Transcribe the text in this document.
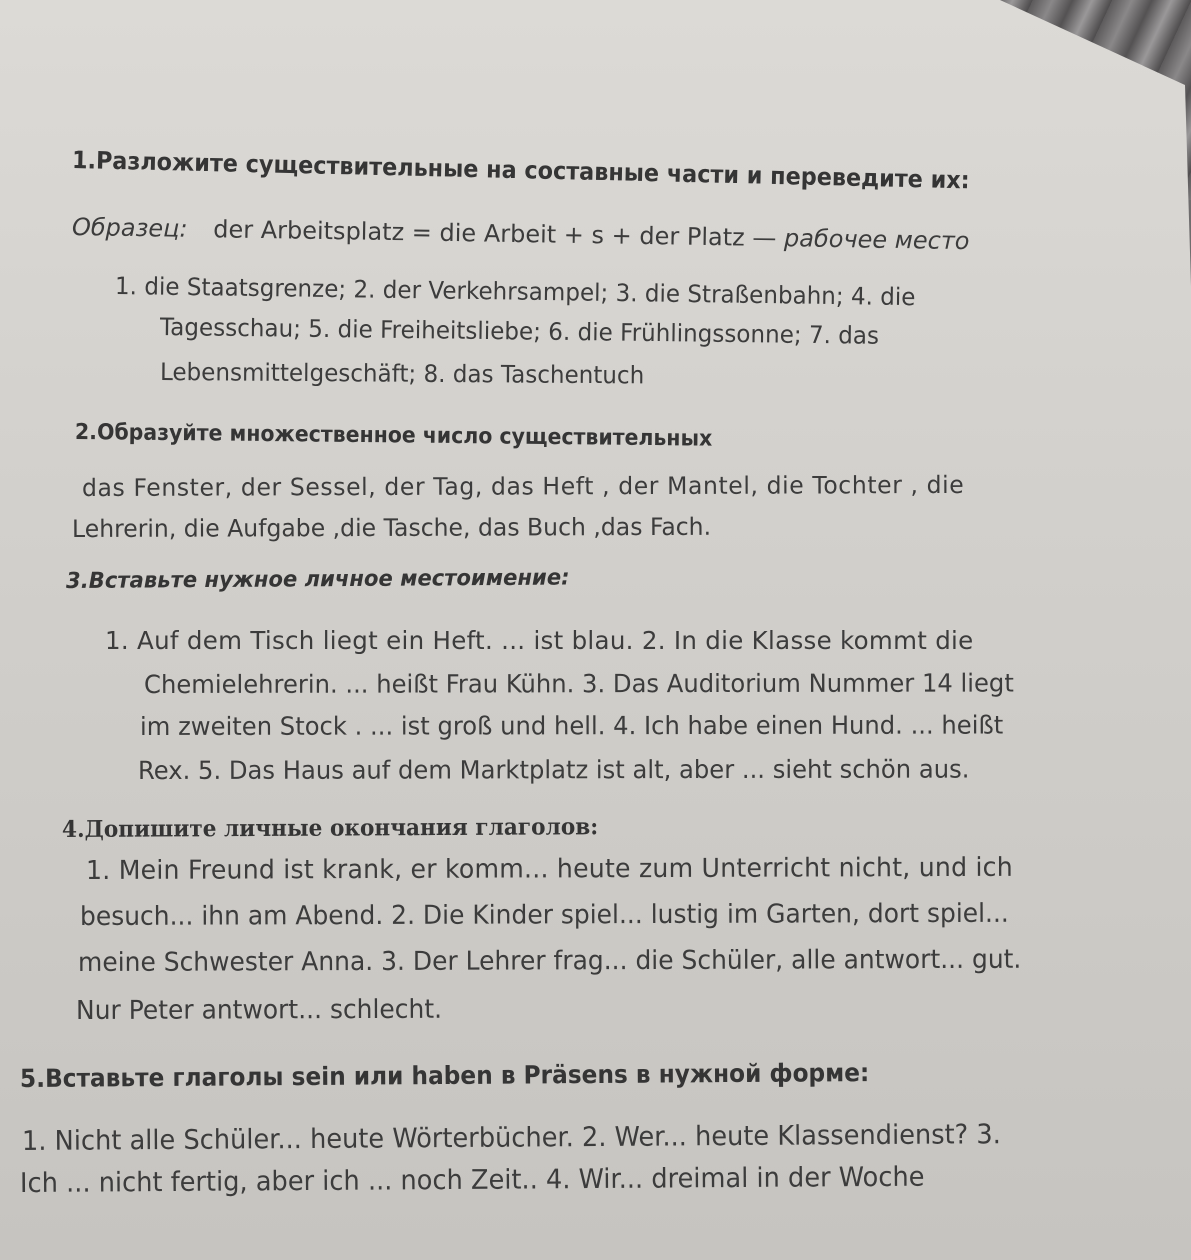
1.Разложите существительные на составные части и переведите их:
Образец: der Arbeitsplatz = die Arbeit + s + der Platz — рабочее место
1. die Staatsgrenze; 2. der Verkehrsampel; 3. die Straßenbahn; 4. die
Tagesschau; 5. die Freiheitsliebe; 6. die Frühlingssonne; 7. das
Lebensmittelgeschäft; 8. das Taschentuch
2.Образуйте множественное число существительных
das Fenster, der Sessel, der Tag, das Heft , der Mantel, die Tochter , die
Lehrerin, die Aufgabe ,die Tasche, das Buch ,das Fach.
3.Вставьте нужное личное местоимение:
1. Auf dem Tisch liegt ein Heft. ... ist blau. 2. In die Klasse kommt die
Chemielehrerin. ... heißt Frau Kühn. 3. Das Auditorium Nummer 14 liegt
im zweiten Stock . ... ist groß und hell. 4. Ich habe einen Hund. ... heißt
Rex. 5. Das Haus auf dem Marktplatz ist alt, aber ... sieht schön aus.
4.Допишите личные окончания глаголов:
1. Mein Freund ist krank, er komm... heute zum Unterricht nicht, und ich
besuch... ihn am Abend. 2. Die Kinder spiel... lustig im Garten, dort spiel...
meine Schwester Anna. 3. Der Lehrer frag... die Schüler, alle antwort... gut.
Nur Peter antwort... schlecht.
5.Вставьте глаголы sein или haben в Präsens в нужной форме:
1. Nicht alle Schüler... heute Wörterbücher. 2. Wer... heute Klassendienst? 3.
Ich ... nicht fertig, aber ich ... noch Zeit.. 4. Wir... dreimal in der Woche
